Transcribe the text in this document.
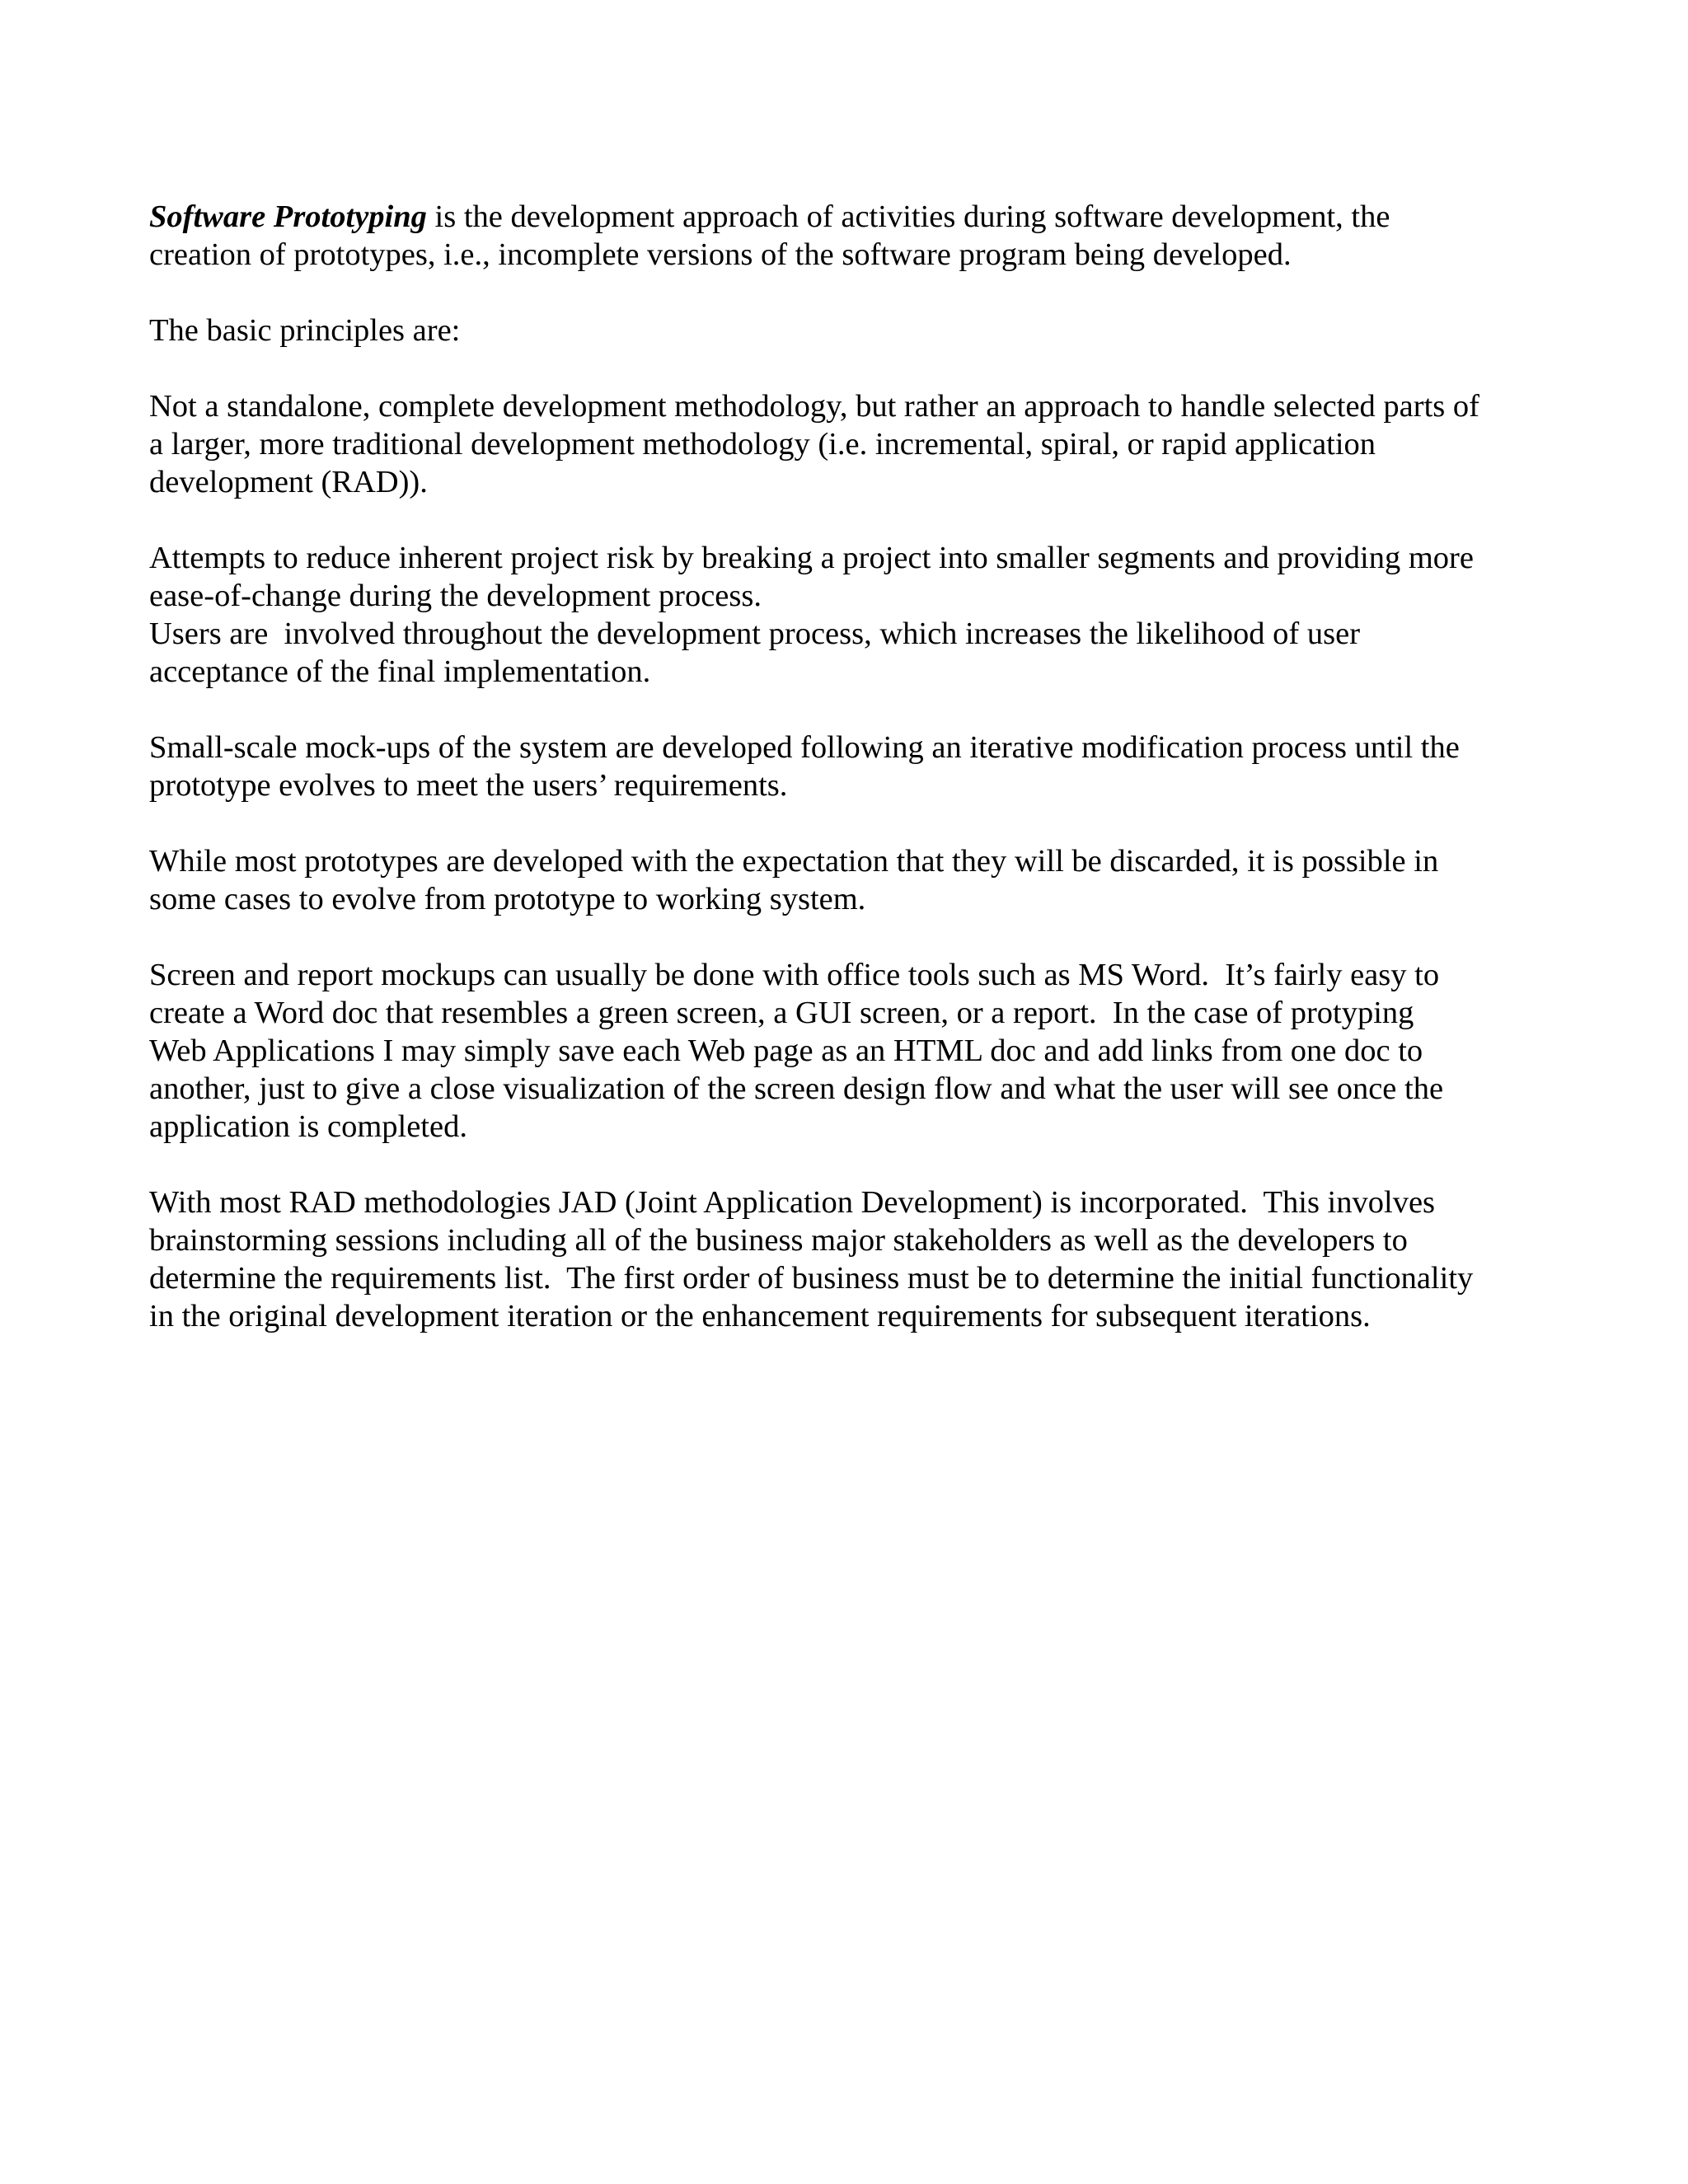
Software Prototyping is the development approach of activities during software development, the
creation of prototypes, i.e., incomplete versions of the software program being developed.

The basic principles are:

Not a standalone, complete development methodology, but rather an approach to handle selected parts of
a larger, more traditional development methodology (i.e. incremental, spiral, or rapid application
development (RAD)).

Attempts to reduce inherent project risk by breaking a project into smaller segments and providing more
ease-of-change during the development process.

Users are  involved throughout the development process, which increases the likelihood of user
acceptance of the final implementation.

Small-scale mock-ups of the system are developed following an iterative modification process until the
prototype evolves to meet the users’ requirements.

While most prototypes are developed with the expectation that they will be discarded, it is possible in
some cases to evolve from prototype to working system.

Screen and report mockups can usually be done with office tools such as MS Word.  It’s fairly easy to
create a Word doc that resembles a green screen, a GUI screen, or a report.  In the case of protyping
Web Applications I may simply save each Web page as an HTML doc and add links from one doc to
another, just to give a close visualization of the screen design flow and what the user will see once the
application is completed.

With most RAD methodologies JAD (Joint Application Development) is incorporated.  This involves
brainstorming sessions including all of the business major stakeholders as well as the developers to
determine the requirements list.  The first order of business must be to determine the initial functionality
in the original development iteration or the enhancement requirements for subsequent iterations.
